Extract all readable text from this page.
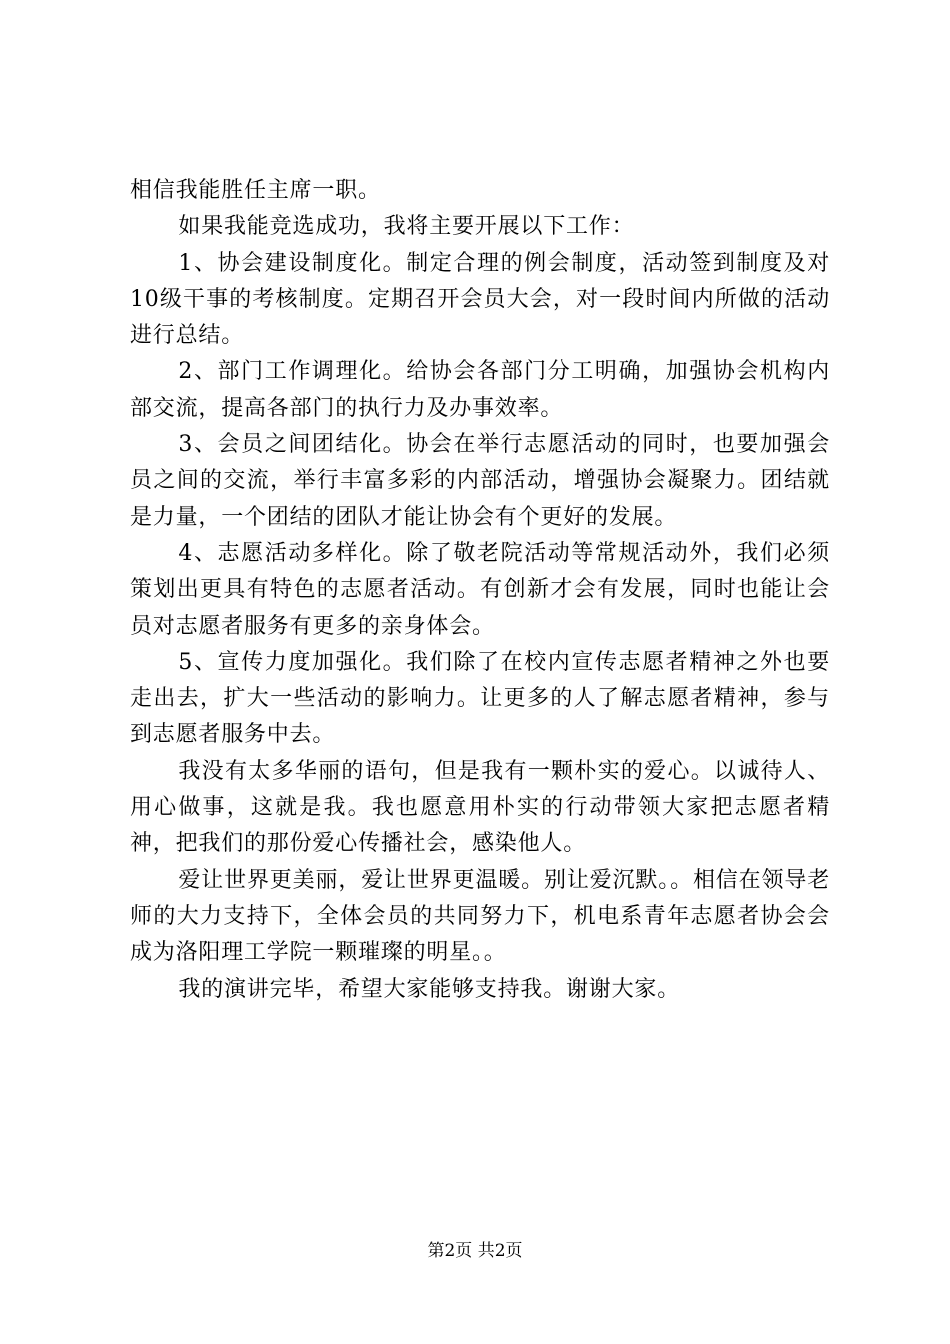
相信我能胜任主席一职。

如果我能竞选成功，我将主要开展以下工作：

1、协会建设制度化。制定合理的例会制度，活动签到制度及对10级干事的考核制度。定期召开会员大会，对一段时间内所做的活动进行总结。

2、部门工作调理化。给协会各部门分工明确，加强协会机构内部交流，提高各部门的执行力及办事效率。

3、会员之间团结化。协会在举行志愿活动的同时，也要加强会员之间的交流，举行丰富多彩的内部活动，增强协会凝聚力。团结就是力量，一个团结的团队才能让协会有个更好的发展。

4、志愿活动多样化。除了敬老院活动等常规活动外，我们必须策划出更具有特色的志愿者活动。有创新才会有发展，同时也能让会员对志愿者服务有更多的亲身体会。

5、宣传力度加强化。我们除了在校内宣传志愿者精神之外也要走出去，扩大一些活动的影响力。让更多的人了解志愿者精神，参与到志愿者服务中去。

我没有太多华丽的语句，但是我有一颗朴实的爱心。以诚待人、用心做事，这就是我。我也愿意用朴实的行动带领大家把志愿者精神，把我们的那份爱心传播社会，感染他人。

爱让世界更美丽，爱让世界更温暖。别让爱沉默。。相信在领导老师的大力支持下，全体会员的共同努力下，机电系青年志愿者协会会成为洛阳理工学院一颗璀璨的明星。。

我的演讲完毕，希望大家能够支持我。谢谢大家。

第2页 共2页
